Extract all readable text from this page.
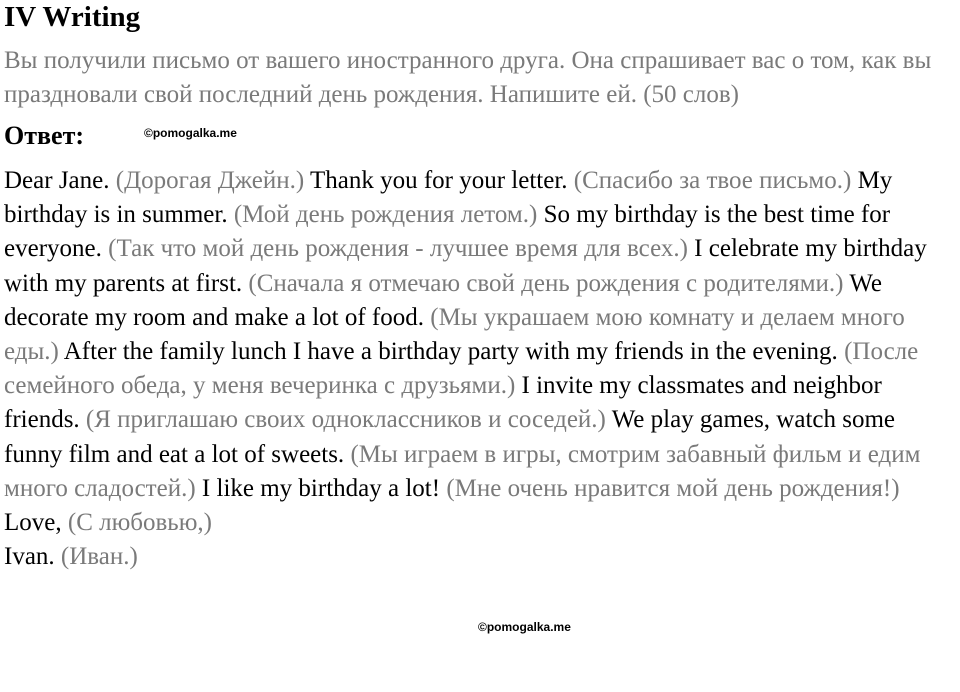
IV Writing

Вы получили письмо от вашего иностранного друга. Она спрашивает вас о том, как вы праздновали свой последний день рождения. Напишите ей. (50 слов)

Ответ:	©pomogalka.me
Dear Jane. (Дорогая Джейн.) Thank you for your letter. (Спасибо за твое письмо.) My birthday is in summer. (Мой день рождения летом.) So my birthday is the best time for everyone. (Так что мой день рождения - лучшее время для всех.) I celebrate my birthday with my parents at first. (Сначала я отмечаю свой день рождения с родителями.) We decorate my room and make a lot of food. (Мы украшаем мою комнату и делаем много еды.) After the family lunch I have a birthday party with my friends in the evening. (После семейного обеда, у меня вечеринка с друзьями.) I invite my classmates and neighbor friends. (Я приглашаю своих одноклассников и соседей.) We play games, watch some funny film and eat a lot of sweets. (Мы играем в игры, смотрим забавный фильм и едим много сладостей.) I like my birthday a lot! (Мне очень нравится мой день рождения!)
Love, (С любовью,)
Ivan. (Иван.)
©pomogalka.me
